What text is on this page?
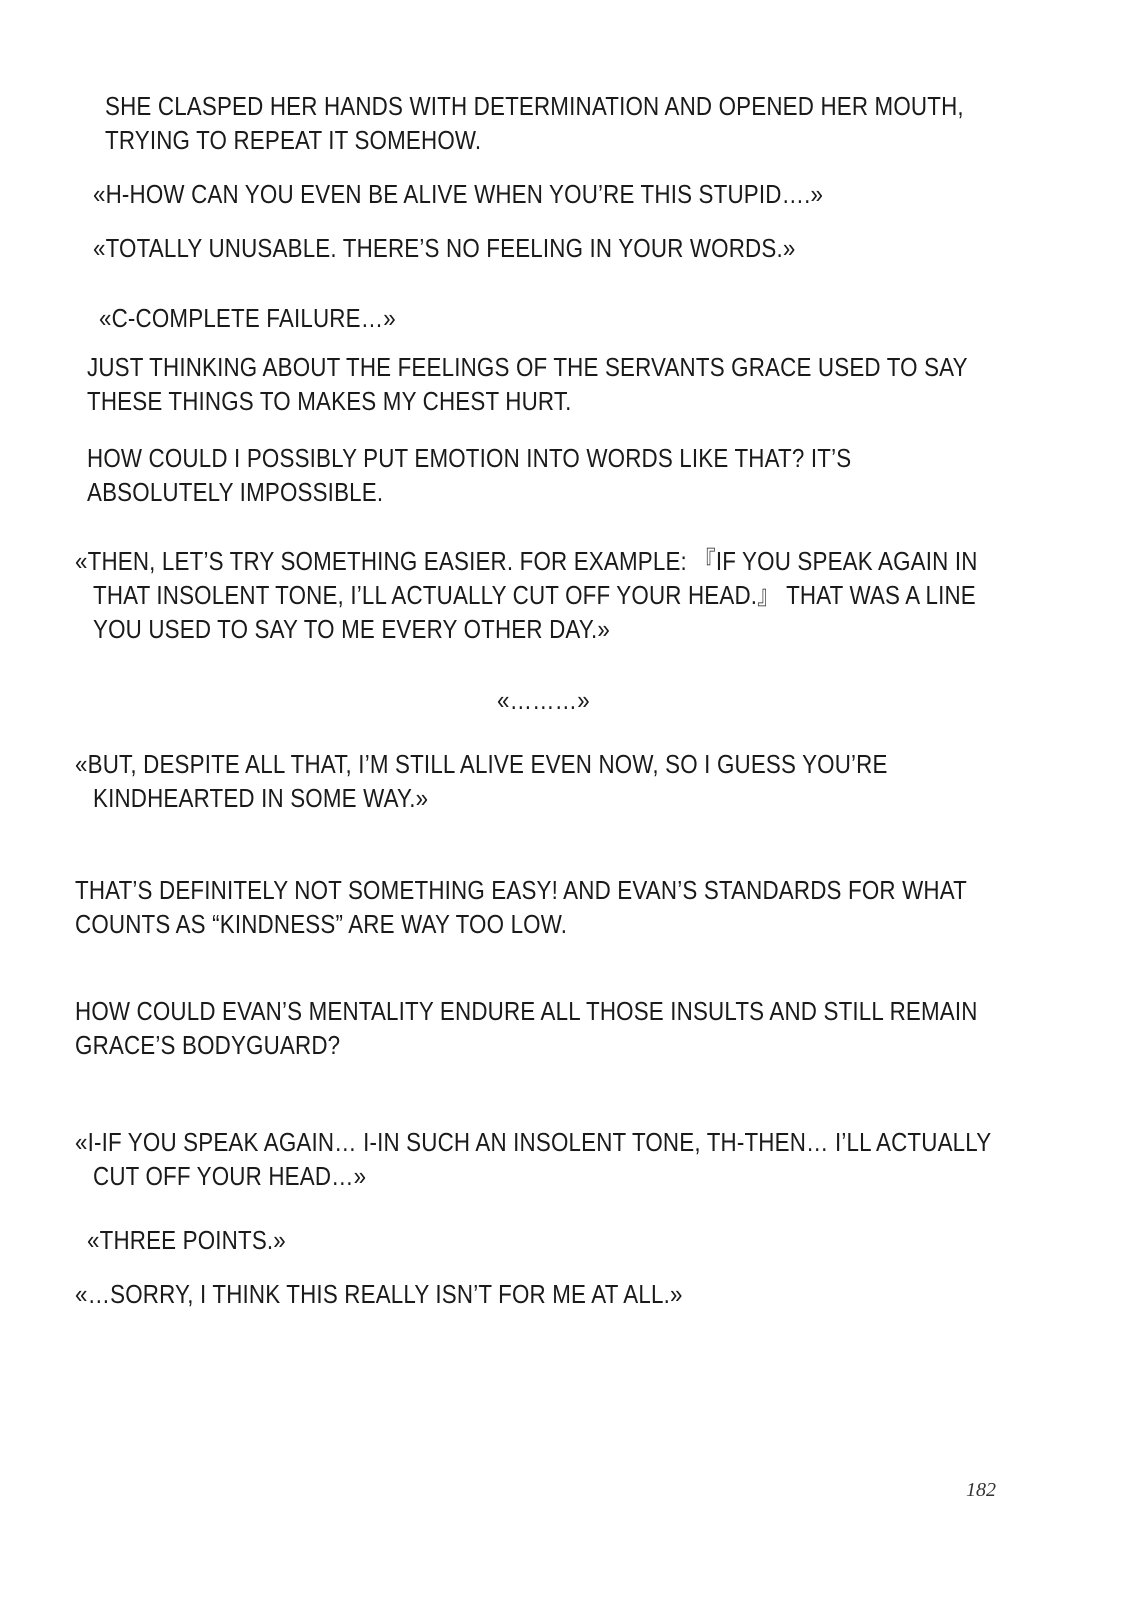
SHE CLASPED HER HANDS WITH DETERMINATION AND OPENED HER MOUTH,

TRYING TO REPEAT IT SOMEHOW.

«H-HOW CAN YOU EVEN BE ALIVE WHEN YOU’RE THIS STUPID….»

«TOTALLY UNUSABLE. THERE’S NO FEELING IN YOUR WORDS.»

«C-COMPLETE FAILURE…»

JUST THINKING ABOUT THE FEELINGS OF THE SERVANTS GRACE USED TO SAY

THESE THINGS TO MAKES MY CHEST HURT.

HOW COULD I POSSIBLY PUT EMOTION INTO WORDS LIKE THAT? IT’S

ABSOLUTELY IMPOSSIBLE.

«THEN, LET’S TRY SOMETHING EASIER. FOR EXAMPLE: 『IF YOU SPEAK AGAIN IN

THAT INSOLENT TONE, I’LL ACTUALLY CUT OFF YOUR HEAD.』 THAT WAS A LINE

YOU USED TO SAY TO ME EVERY OTHER DAY.»

«………»

«BUT, DESPITE ALL THAT, I’M STILL ALIVE EVEN NOW, SO I GUESS YOU’RE

KINDHEARTED IN SOME WAY.»

THAT’S DEFINITELY NOT SOMETHING EASY! AND EVAN’S STANDARDS FOR WHAT

COUNTS AS “KINDNESS” ARE WAY TOO LOW.

HOW COULD EVAN’S MENTALITY ENDURE ALL THOSE INSULTS AND STILL REMAIN

GRACE’S BODYGUARD?

«I-IF YOU SPEAK AGAIN… I-IN SUCH AN INSOLENT TONE, TH-THEN… I’LL ACTUALLY

CUT OFF YOUR HEAD…»

«THREE POINTS.»

«…SORRY, I THINK THIS REALLY ISN’T FOR ME AT ALL.»

182
